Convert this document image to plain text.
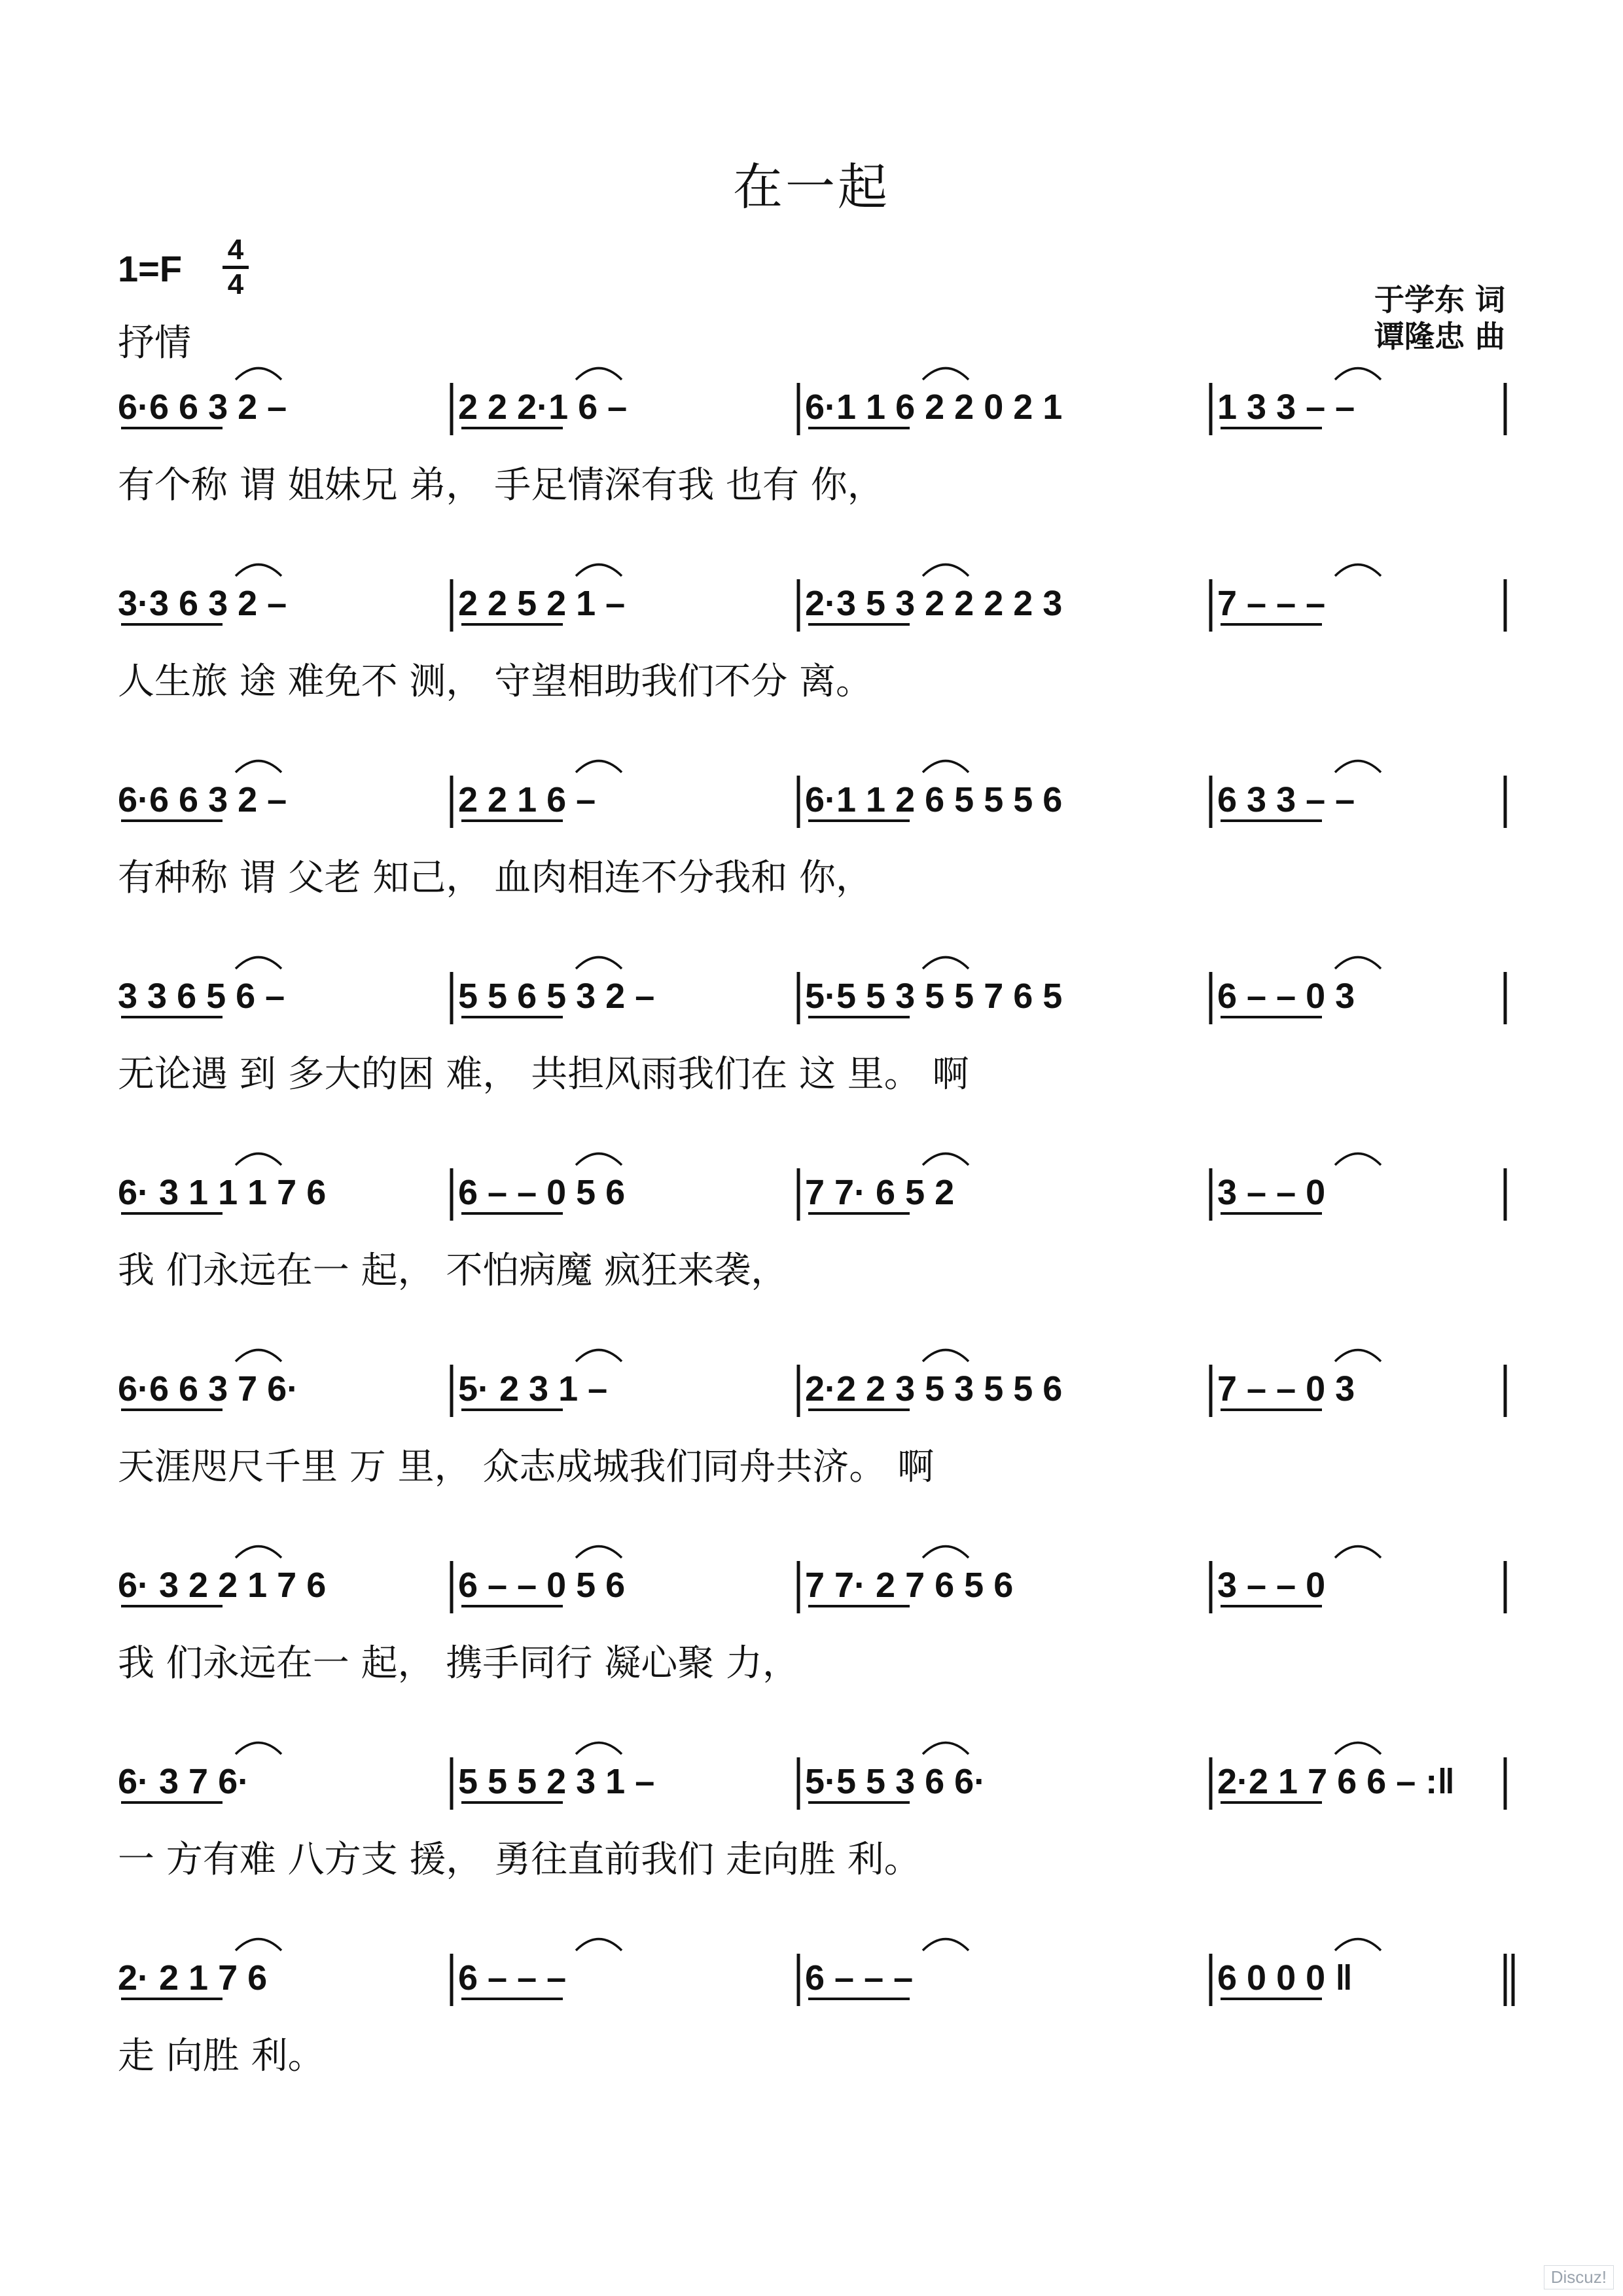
在一起
1=F 4
4
抒情
于学东 词
谭隆忠 曲
6·6 6 3 2 –	2 2 2·1 6 –	6·1 1 6 2 2 0 2 1	1 3 3 – –
有个称 谓 姐妹兄 弟， 手足情深有我 也有 你，
3·3 6 3 2 –	2 2 5 2 1 –	2·3 5 3 2 2 2 2 3	7 – – –
人生旅 途 难免不 测， 守望相助我们不分 离。
6·6 6 3 2 –	2 2 1 6 –	6·1 1 2 6 5 5 5 6	6 3 3 – –
有种称 谓 父老 知己， 血肉相连不分我和 你，
3 3 6 5 6 –	5 5 6 5 3 2 –	5·5 5 3 5 5 7 6 5	6 – – 0 3
无论遇 到 多大的困 难， 共担风雨我们在 这 里。 啊
6· 3 1 1 1 7 6	6 – – 0 5 6	7 7· 6 5 2	3 – – 0
我 们永远在一 起， 不怕病魔 疯狂来袭，
6·6 6 3 7 6·	5· 2 3 1 –	2·2 2 3 5 3 5 5 6	7 – – 0 3
天涯咫尺千里 万 里， 众志成城我们同舟共济。 啊
6· 3 2 2 1 7 6	6 – – 0 5 6	7 7· 2 7 6 5 6	3 – – 0
我 们永远在一 起， 携手同行 凝心聚 力，
6· 3 7 6·	5 5 5 2 3 1 –	5·5 5 3 6 6·	2·2 1 7 6 6 – :‖
一 方有难 八方支 援， 勇往直前我们 走向胜 利。
2· 2 1 7 6	6 – – –	6 – – –	6 0 0 0 ‖
走 向胜 利。
Discuz!
